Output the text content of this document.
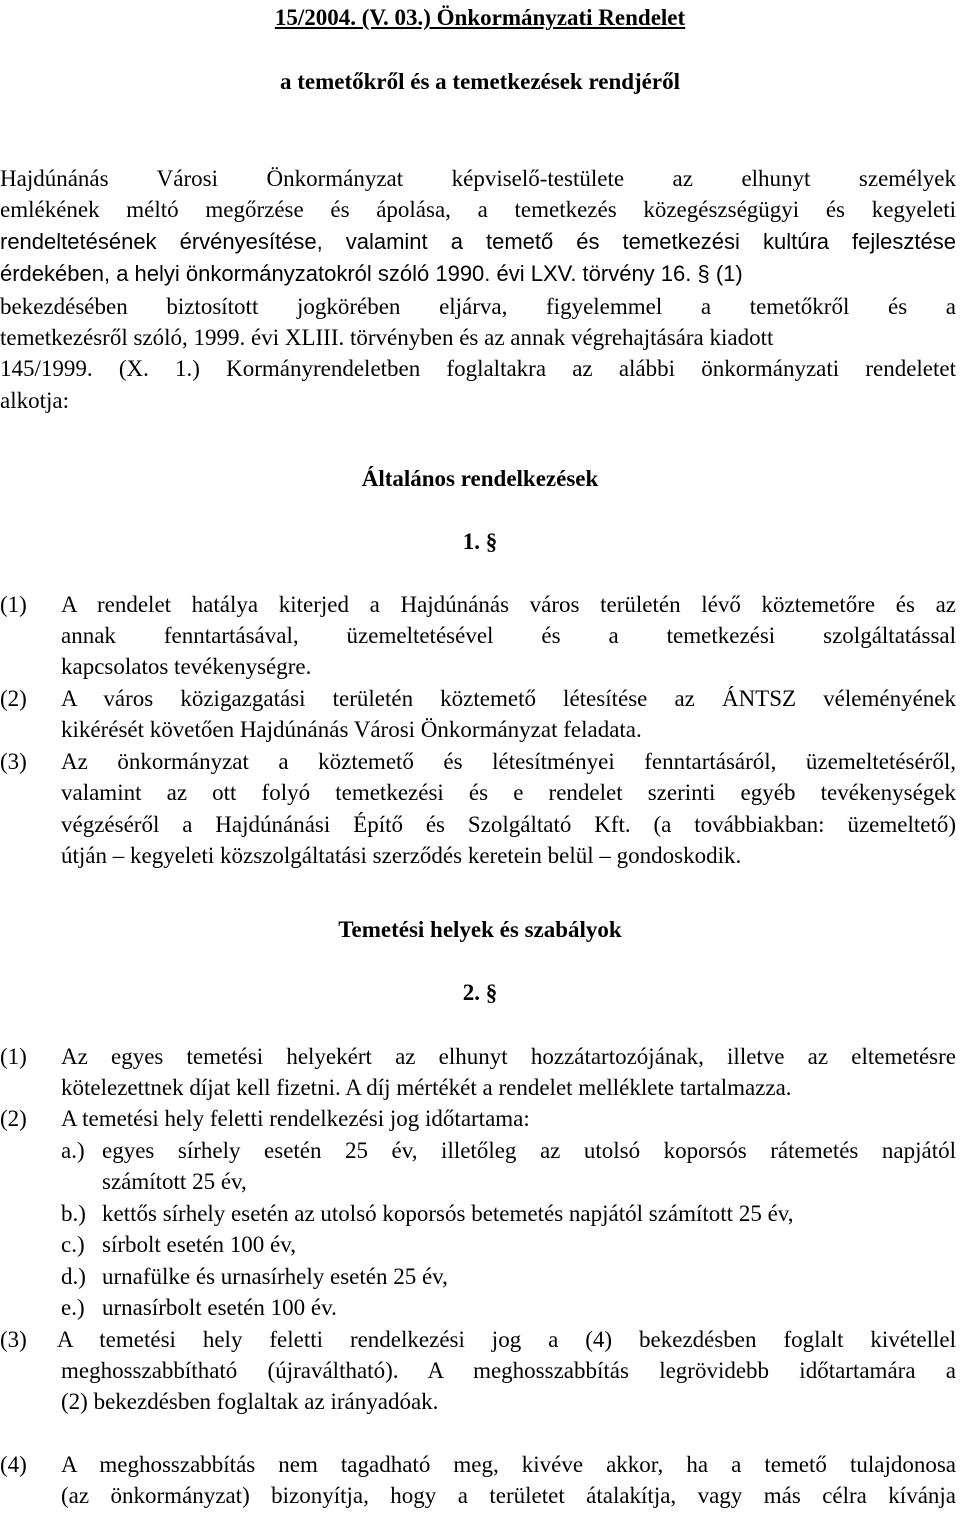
15/2004. (V. 03.) Önkormányzati Rendelet
a temetőkről és a temetkezések rendjéről
Hajdúnánás Városi Önkormányzat képviselő-testülete az elhunyt személyek
emlékének méltó megőrzése és ápolása, a temetkezés közegészségügyi és kegyeleti
rendeltetésének érvényesítése, valamint a temető és temetkezési kultúra fejlesztése
érdekében, a helyi önkormányzatokról szóló 1990. évi LXV. törvény 16. § (1)
bekezdésében biztosított jogkörében eljárva, figyelemmel a temetőkről és a
temetkezésről szóló, 1999. évi XLIII. törvényben és az annak végrehajtására kiadott
145/1999. (X. 1.) Kormányrendeletben foglaltakra az alábbi önkormányzati rendeletet
alkotja:
Általános rendelkezések
1. §
(1) A rendelet hatálya kiterjed a Hajdúnánás város területén lévő köztemetőre és az
annak fenntartásával, üzemeltetésével és a temetkezési szolgáltatással
kapcsolatos tevékenységre.
(2) A város közigazgatási területén köztemető létesítése az ÁNTSZ véleményének
kikérését követően Hajdúnánás Városi Önkormányzat feladata.
(3) Az önkormányzat a köztemető és létesítményei fenntartásáról, üzemeltetéséről,
valamint az ott folyó temetkezési és e rendelet szerinti egyéb tevékenységek
végzéséről a Hajdúnánási Építő és Szolgáltató Kft. (a továbbiakban: üzemeltető)
útján – kegyeleti közszolgáltatási szerződés keretein belül – gondoskodik.
Temetési helyek és szabályok
2. §
(1) Az egyes temetési helyekért az elhunyt hozzátartozójának, illetve az eltemetésre
kötelezettnek díjat kell fizetni. A díj mértékét a rendelet melléklete tartalmazza.
(2) A temetési hely feletti rendelkezési jog időtartama:
a.) egyes sírhely esetén 25 év, illetőleg az utolsó koporsós rátemetés napjától
számított 25 év,
b.) kettős sírhely esetén az utolsó koporsós betemetés napjától számított 25 év,
c.) sírbolt esetén 100 év,
d.) urnafülke és urnasírhely esetén 25 év,
e.) urnasírbolt esetén 100 év.
(3) A temetési hely feletti rendelkezési jog a (4) bekezdésben foglalt kivétellel
meghosszabbítható (újraváltható). A meghosszabbítás legrövidebb időtartamára a
(2) bekezdésben foglaltak az irányadóak.
(4) A meghosszabbítás nem tagadható meg, kivéve akkor, ha a temető tulajdonosa
(az önkormányzat) bizonyítja, hogy a területet átalakítja, vagy más célra kívánja
